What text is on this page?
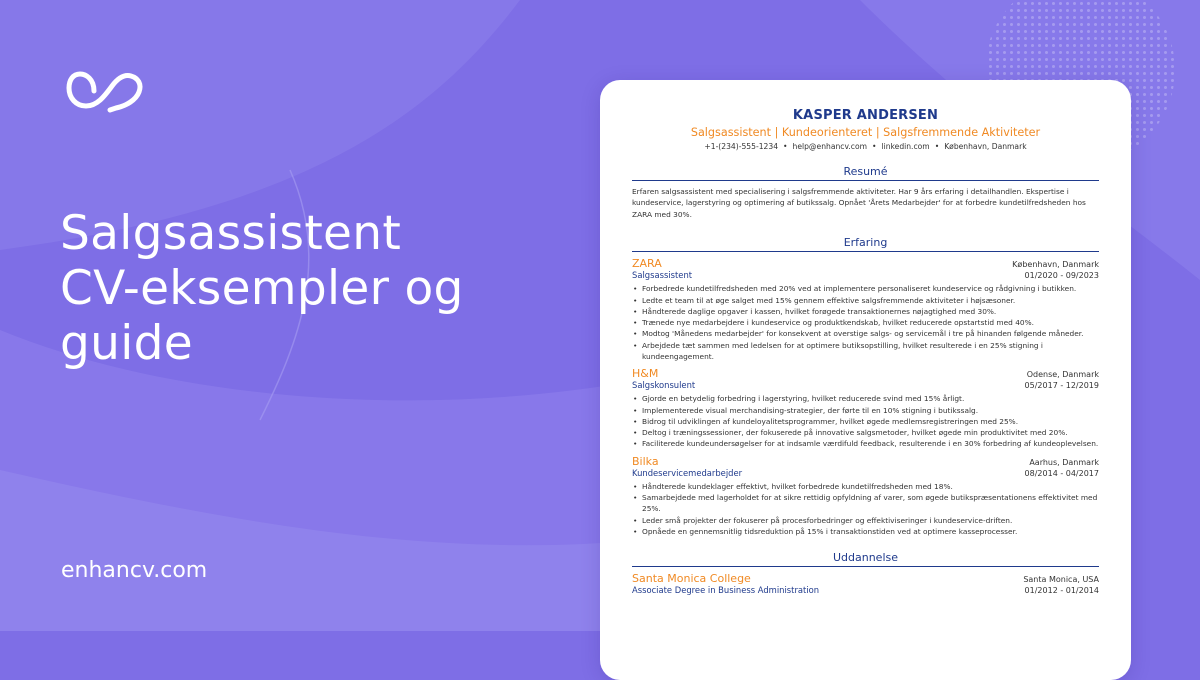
Salgsassistent
CV-eksempler og
guide

enhancv.com

KASPER ANDERSEN

Salgsassistent | Kundeorienteret | Salgsfremmende Aktiviteter

+1-(234)-555-1234 • help@enhancv.com • linkedin.com • København, Danmark

Resumé

Erfaren salgsassistent med specialisering i salgsfremmende aktiviteter. Har 9 års erfaring i detailhandlen. Ekspertise i kundeservice, lagerstyring og optimering af butikssalg. Opnået 'Årets Medarbejder' for at forbedre kundetilfredsheden hos ZARA med 30%.

Erfaring

ZARA	København, Danmark
Salgsassistent	01/2020 - 09/2023
• Forbedrede kundetilfredsheden med 20% ved at implementere personaliseret kundeservice og rådgivning i butikken.
• Ledte et team til at øge salget med 15% gennem effektive salgsfremmende aktiviteter i højsæsoner.
• Håndterede daglige opgaver i kassen, hvilket forøgede transaktionernes nøjagtighed med 30%.
• Trænede nye medarbejdere i kundeservice og produktkendskab, hvilket reducerede opstartstid med 40%.
• Modtog 'Månedens medarbejder' for konsekvent at overstige salgs- og servicemål i tre på hinanden følgende måneder.
• Arbejdede tæt sammen med ledelsen for at optimere butiksopstilling, hvilket resulterede i en 25% stigning i kundeengagement.
H&M	Odense, Danmark
Salgskonsulent	05/2017 - 12/2019
• Gjorde en betydelig forbedring i lagerstyring, hvilket reducerede svind med 15% årligt.
• Implementerede visual merchandising-strategier, der førte til en 10% stigning i butikssalg.
• Bidrog til udviklingen af kundeloyalitetsprogrammer, hvilket øgede medlemsregistreringen med 25%.
• Deltog i træningssessioner, der fokuserede på innovative salgsmetoder, hvilket øgede min produktivitet med 20%.
• Faciliterede kundeundersøgelser for at indsamle værdifuld feedback, resulterende i en 30% forbedring af kundeoplevelsen.
Bilka	Aarhus, Danmark
Kundeservicemedarbejder	08/2014 - 04/2017
• Håndterede kundeklager effektivt, hvilket forbedrede kundetilfredsheden med 18%.
• Samarbejdede med lagerholdet for at sikre rettidig opfyldning af varer, som øgede butikspræsentationens effektivitet med 25%.
• Leder små projekter der fokuserer på procesforbedringer og effektiviseringer i kundeservice-driften.
• Opnåede en gennemsnitlig tidsreduktion på 15% i transaktionstiden ved at optimere kasseprocesser.

Uddannelse

Santa Monica College	Santa Monica, USA
Associate Degree in Business Administration	01/2012 - 01/2014
